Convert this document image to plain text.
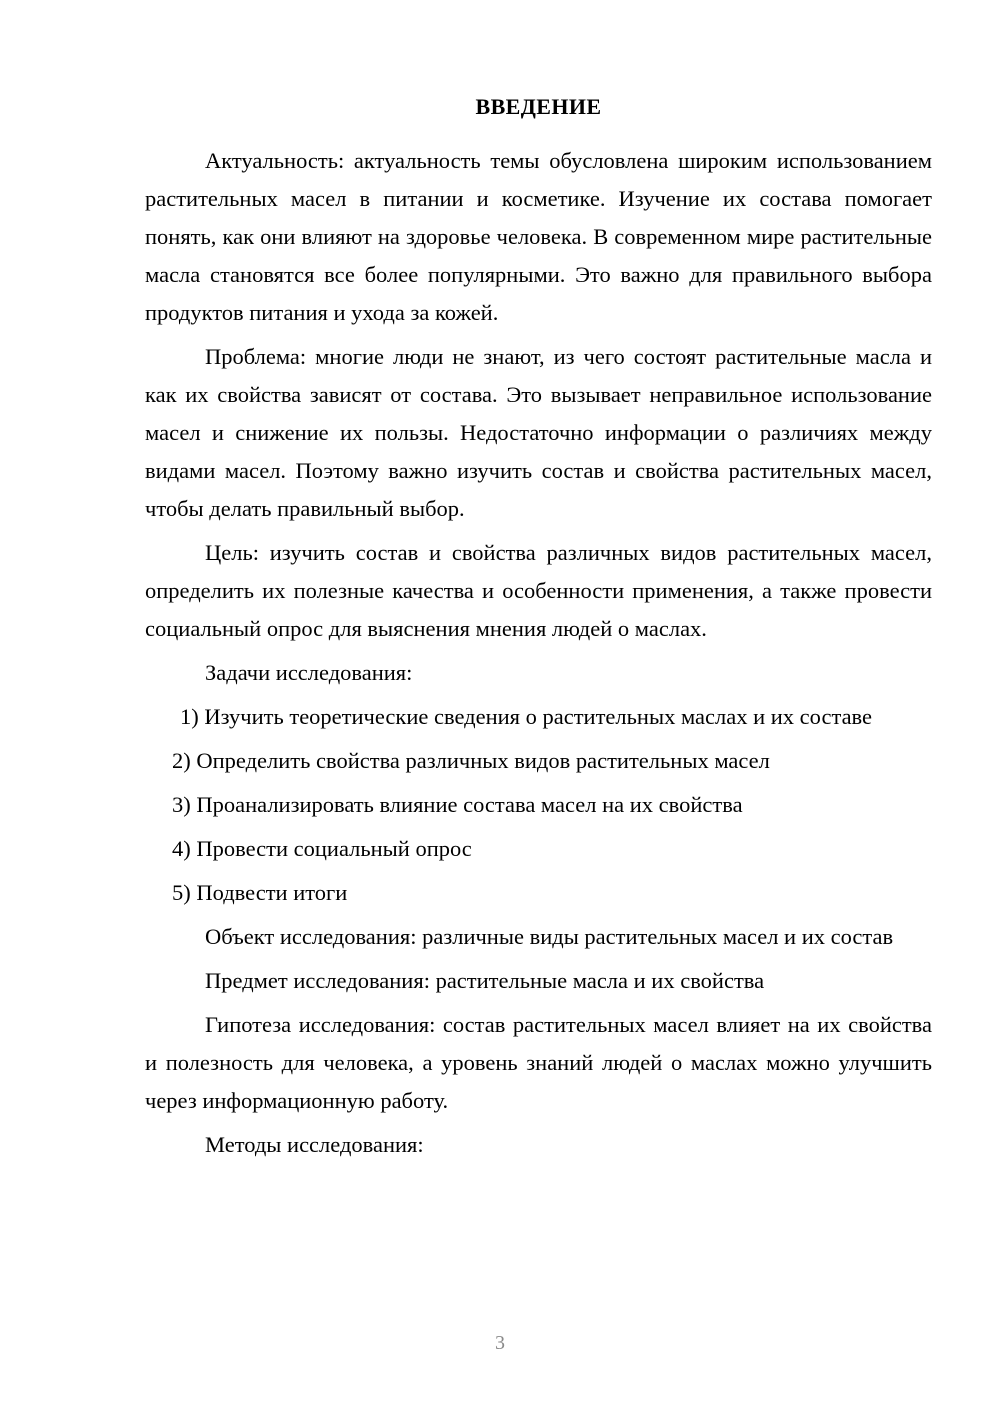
ВВЕДЕНИЕ

Актуальность: актуальность темы обусловлена широким использованием растительных масел в питании и косметике. Изучение их состава помогает понять, как они влияют на здоровье человека. В современном мире растительные масла становятся все более популярными. Это важно для правильного выбора продуктов питания и ухода за кожей.

Проблема: многие люди не знают, из чего состоят растительные масла и как их свойства зависят от состава. Это вызывает неправильное использование масел и снижение их пользы. Недостаточно информации о различиях между видами масел. Поэтому важно изучить состав и свойства растительных масел, чтобы делать правильный выбор.

Цель: изучить состав и свойства различных видов растительных масел, определить их полезные качества и особенности применения, а также провести социальный опрос для выяснения мнения людей о маслах.

Задачи исследования:

1) Изучить теоретические сведения о растительных маслах и их составе

2) Определить свойства различных видов растительных масел

3) Проанализировать влияние состава масел на их свойства

4) Провести социальный опрос

5) Подвести итоги

Объект исследования: различные виды растительных масел и их состав

Предмет исследования: растительные масла и их свойства

Гипотеза исследования: состав растительных масел влияет на их свойства и полезность для человека, а уровень знаний людей о маслах можно улучшить через информационную работу.

Методы исследования:

3
